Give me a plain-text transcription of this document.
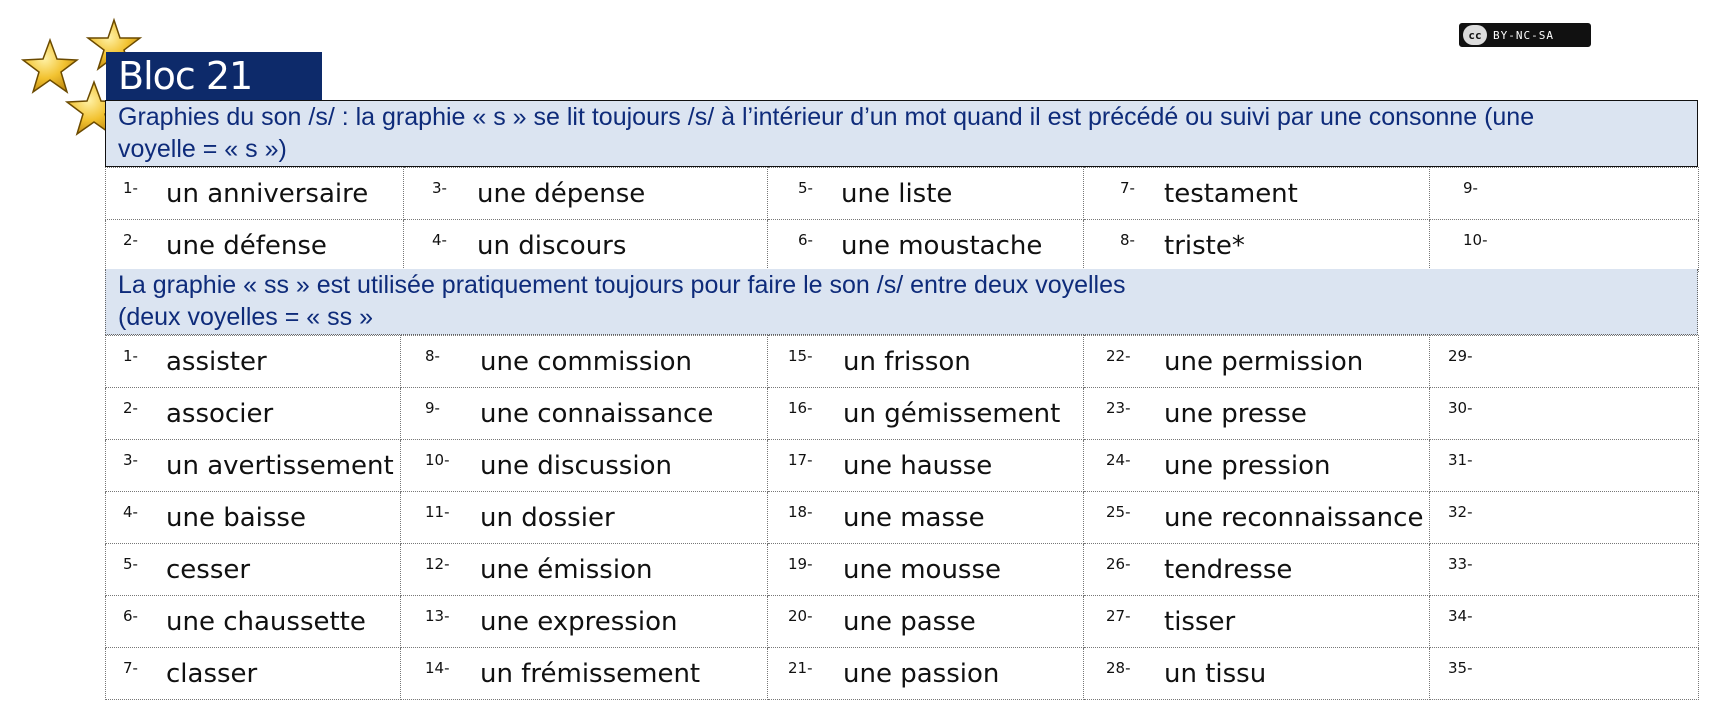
cc	BY-NC-SA
Bloc 21
Graphies du son /s/ : la graphie « s » se lit toujours /s/ à l’intérieur d’un mot quand il est précédé ou suivi par une consonne (une
voyelle = « s »)
1- un anniversaire	3- une dépense	5- une liste	7- testament	9-

2- une défense	4- un discours	6- une moustache	8- triste*	10-
La graphie « ss » est utilisée pratiquement toujours pour faire le son /s/ entre deux voyelles
(deux voyelles = « ss »
1- assister	8- une commission	15- un frisson	22- une permission	29-

2- associer	9- une connaissance	16- un gémissement	23- une presse	30-

3- un avertissement	10- une discussion	17- une hausse	24- une pression	31-

4- une baisse	11- un dossier	18- une masse	25- une reconnaissance	32-

5- cesser	12- une émission	19- une mousse	26- tendresse	33-

6- une chaussette	13- une expression	20- une passe	27- tisser	34-

7- classer	14- un frémissement	21- une passion	28- un tissu	35-
